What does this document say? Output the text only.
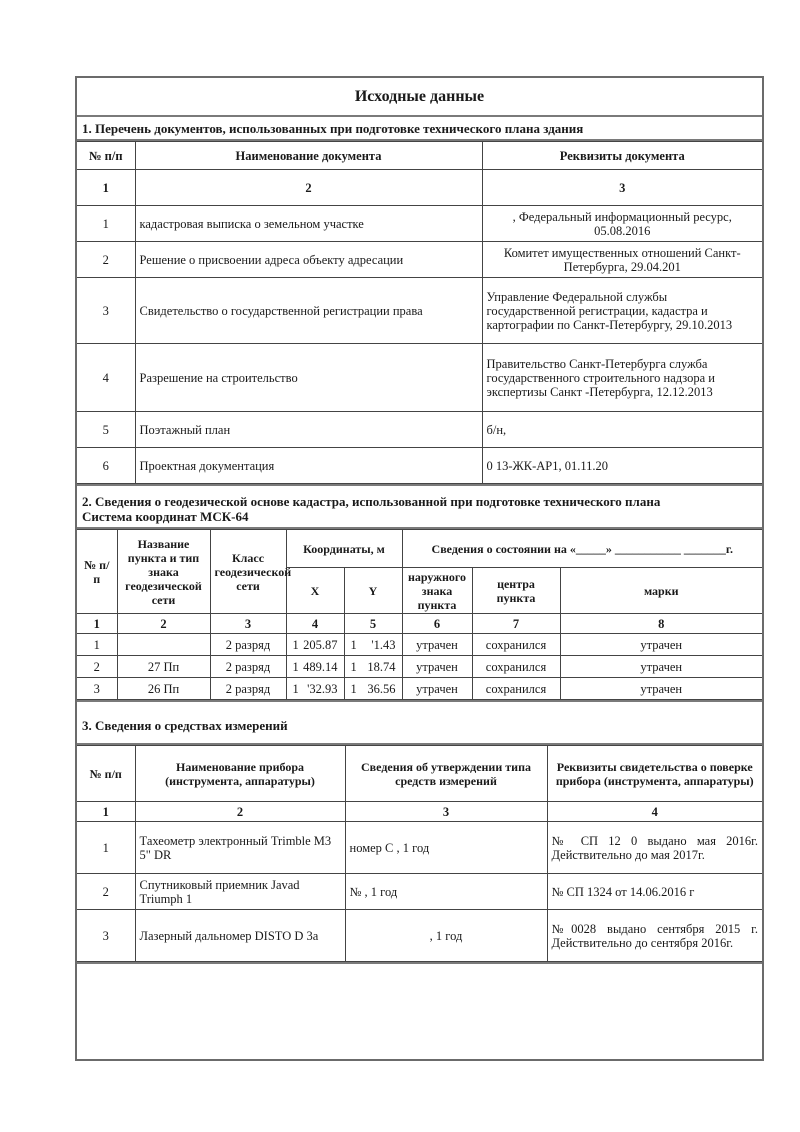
Исходные данные
1. Перечень документов, использованных при подготовке технического плана здания
№ п/п	Наименование документа	Реквизиты документа
1	2	3
1	кадастровая выписка о земельном участке	, Федеральный информационный ресурс, 05.08.2016
2	Решение о присвоении адреса объекту адресации	Комитет имущественных отношений Санкт-Петербурга, 29.04.201
3	Свидетельство о государственной регистрации права	Управление Федеральной службы государственной регистрации, кадастра и картографии по Санкт-Петербургу, 29.10.2013
4	Разрешение на строительство	Правительство Санкт-Петербурга служба государственного строительного надзора и экспертизы Санкт -Петербурга, 12.12.2013
5	Поэтажный план	б/н,
6	Проектная документация	0 13-ЖК-АР1, 01.11.20
2. Сведения о геодезической основе кадастра, использованной при подготовке технического плана
Система координат МСК-64
№ п/п	Название пункта и тип знака геодезической сети	Класс геодезической сети	Координаты, м		Сведения о состоянии на «_____» ___________ _______г.		
			X	Y	наружного знака пункта	центра пункта	марки
1	2	3	4	5	6	7	8
1		2 разряд	1 205.87	1 '1.43	утрачен	сохранился	утрачен
2	27 Пп	2 разряд	1 489.14	1 18.74	утрачен	сохранился	утрачен
3	26 Пп	2 разряд	1 '32.93	1 36.56	утрачен	сохранился	утрачен
3. Сведения о средствах измерений
№ п/п	Наименование прибора (инструмента, аппаратуры)	Сведения об утверждении типа средств измерений	Реквизиты свидетельства о поверке прибора (инструмента, аппаратуры)
1	2	3	4
1	Тахеометр электронный Trimble M3 5" DR	номер С , 1 год	№ СП 12 0 выдано мая 2016г. Действительно до мая 2017г.
2	Спутниковый приемник Javad Triumph 1	№ , 1 год	№ СП 1324 от 14.06.2016 г
3	Лазерный дальномер DISTO D 3a	, 1 год	№0028 выдано сентября 2015 г. Действительно до сентября 2016г.
